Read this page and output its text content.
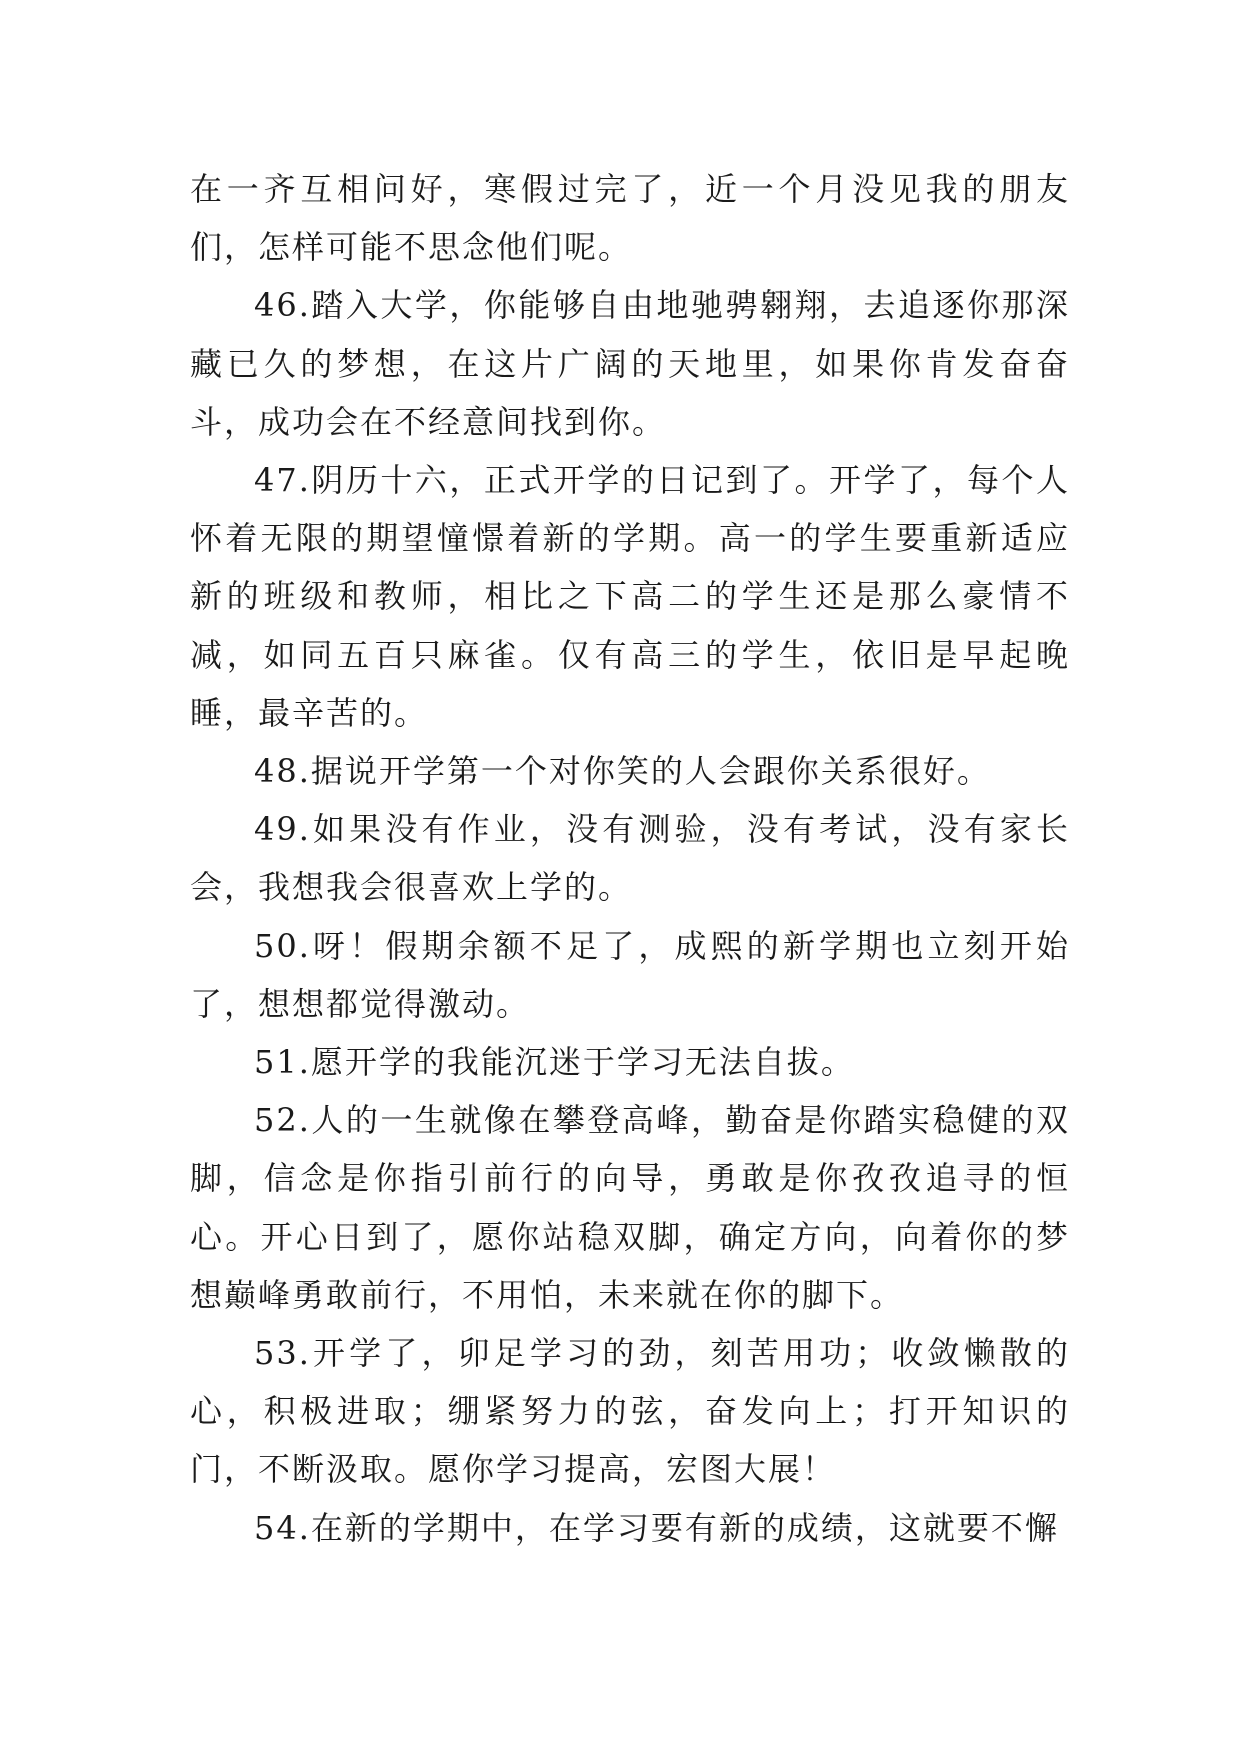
在一齐互相问好，寒假过完了，近一个月没见我的朋友们，怎样可能不思念他们呢。

46.踏入大学，你能够自由地驰骋翱翔，去追逐你那深藏已久的梦想，在这片广阔的天地里，如果你肯发奋奋斗，成功会在不经意间找到你。

47.阴历十六，正式开学的日记到了。开学了，每个人怀着无限的期望憧憬着新的学期。高一的学生要重新适应新的班级和教师，相比之下高二的学生还是那么豪情不减，如同五百只麻雀。仅有高三的学生，依旧是早起晚睡，最辛苦的。

48.据说开学第一个对你笑的人会跟你关系很好。

49.如果没有作业，没有测验，没有考试，没有家长会，我想我会很喜欢上学的。

50.呀！假期余额不足了，成熙的新学期也立刻开始了，想想都觉得激动。

51.愿开学的我能沉迷于学习无法自拔。

52.人的一生就像在攀登高峰，勤奋是你踏实稳健的双脚，信念是你指引前行的向导，勇敢是你孜孜追寻的恒心。开心日到了，愿你站稳双脚，确定方向，向着你的梦想巅峰勇敢前行，不用怕，未来就在你的脚下。

53.开学了，卯足学习的劲，刻苦用功；收敛懒散的心，积极进取；绷紧努力的弦，奋发向上；打开知识的门，不断汲取。愿你学习提高，宏图大展！

54.在新的学期中，在学习要有新的成绩，这就要不懈
